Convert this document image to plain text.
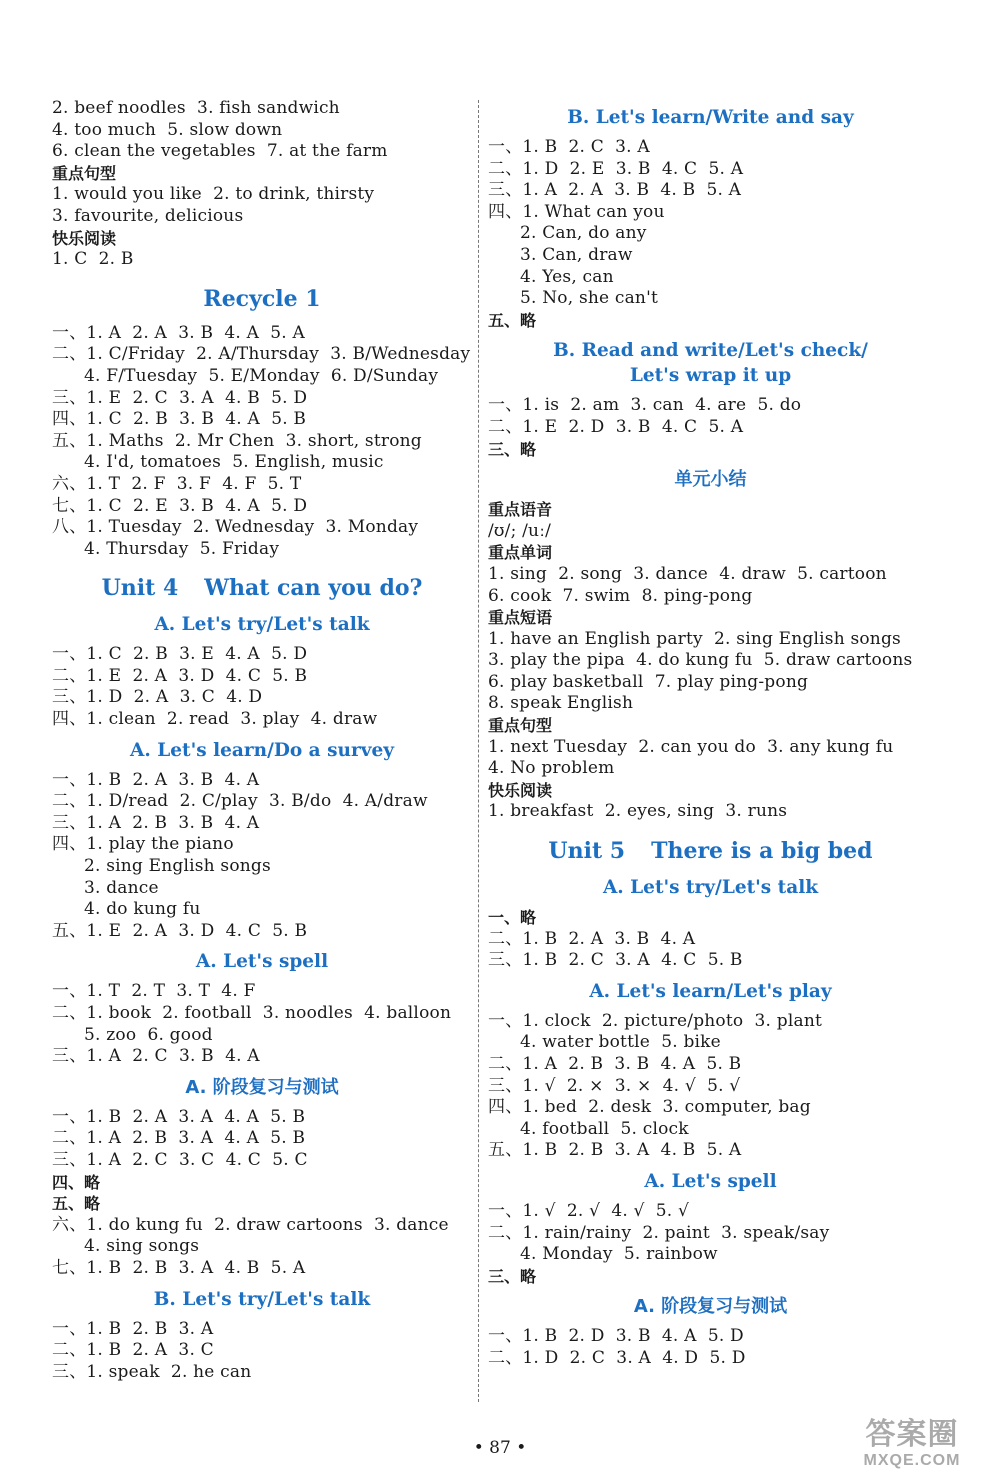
2. beef noodles  3. fish sandwich
4. too much  5. slow down
6. clean the vegetables  7. at the farm
重点句型
1. would you like  2. to drink, thirsty
3. favourite, delicious
快乐阅读
1. C  2. B
Recycle 1
一、1. A  2. A  3. B  4. A  5. A
二、1. C/Friday  2. A/Thursday  3. B/Wednesday
4. F/Tuesday  5. E/Monday  6. D/Sunday
三、1. E  2. C  3. A  4. B  5. D
四、1. C  2. B  3. B  4. A  5. B
五、1. Maths  2. Mr Chen  3. short, strong
4. I'd, tomatoes  5. English, music
六、1. T  2. F  3. F  4. F  5. T
七、1. C  2. E  3. B  4. A  5. D
八、1. Tuesday  2. Wednesday  3. Monday
4. Thursday  5. Friday
Unit 4 What can you do?
A. Let's try/Let's talk
一、1. C  2. B  3. E  4. A  5. D
二、1. E  2. A  3. D  4. C  5. B
三、1. D  2. A  3. C  4. D
四、1. clean  2. read  3. play  4. draw
A. Let's learn/Do a survey
一、1. B  2. A  3. B  4. A
二、1. D/read  2. C/play  3. B/do  4. A/draw
三、1. A  2. B  3. B  4. A
四、1. play the piano
2. sing English songs
3. dance
4. do kung fu
五、1. E  2. A  3. D  4. C  5. B
A. Let's spell
一、1. T  2. T  3. T  4. F
二、1. book  2. football  3. noodles  4. balloon
5. zoo  6. good
三、1. A  2. C  3. B  4. A
A. 阶段复习与测试
一、1. B  2. A  3. A  4. A  5. B
二、1. A  2. B  3. A  4. A  5. B
三、1. A  2. C  3. C  4. C  5. C
四、略
五、略
六、1. do kung fu  2. draw cartoons  3. dance
4. sing songs
七、1. B  2. B  3. A  4. B  5. A
B. Let's try/Let's talk
一、1. B  2. B  3. A
二、1. B  2. A  3. C
三、1. speak  2. he can
B. Let's learn/Write and say
一、1. B  2. C  3. A
二、1. D  2. E  3. B  4. C  5. A
三、1. A  2. A  3. B  4. B  5. A
四、1. What can you
2. Can, do any
3. Can, draw
4. Yes, can
5. No, she can't
五、略
B. Read and write/Let's check/
Let's wrap it up
一、1. is  2. am  3. can  4. are  5. do
二、1. E  2. D  3. B  4. C  5. A
三、略
单元小结
重点语音
/ʊ/; /uː/
重点单词
1. sing  2. song  3. dance  4. draw  5. cartoon
6. cook  7. swim  8. ping-pong
重点短语
1. have an English party  2. sing English songs
3. play the pipa  4. do kung fu  5. draw cartoons
6. play basketball  7. play ping-pong
8. speak English
重点句型
1. next Tuesday  2. can you do  3. any kung fu
4. No problem
快乐阅读
1. breakfast  2. eyes, sing  3. runs
Unit 5 There is a big bed
A. Let's try/Let's talk
一、略
二、1. B  2. A  3. B  4. A
三、1. B  2. C  3. A  4. C  5. B
A. Let's learn/Let's play
一、1. clock  2. picture/photo  3. plant
4. water bottle  5. bike
二、1. A  2. B  3. B  4. A  5. B
三、1. √  2. ×  3. ×  4. √  5. √
四、1. bed  2. desk  3. computer, bag
4. football  5. clock
五、1. B  2. B  3. A  4. B  5. A
A. Let's spell
一、1. √  2. √  4. √  5. √
二、1. rain/rainy  2. paint  3. speak/say
4. Monday  5. rainbow
三、略
A. 阶段复习与测试
一、1. B  2. D  3. B  4. A  5. D
二、1. D  2. C  3. A  4. D  5. D
• 87 •	答案圈
MXQE.COM
